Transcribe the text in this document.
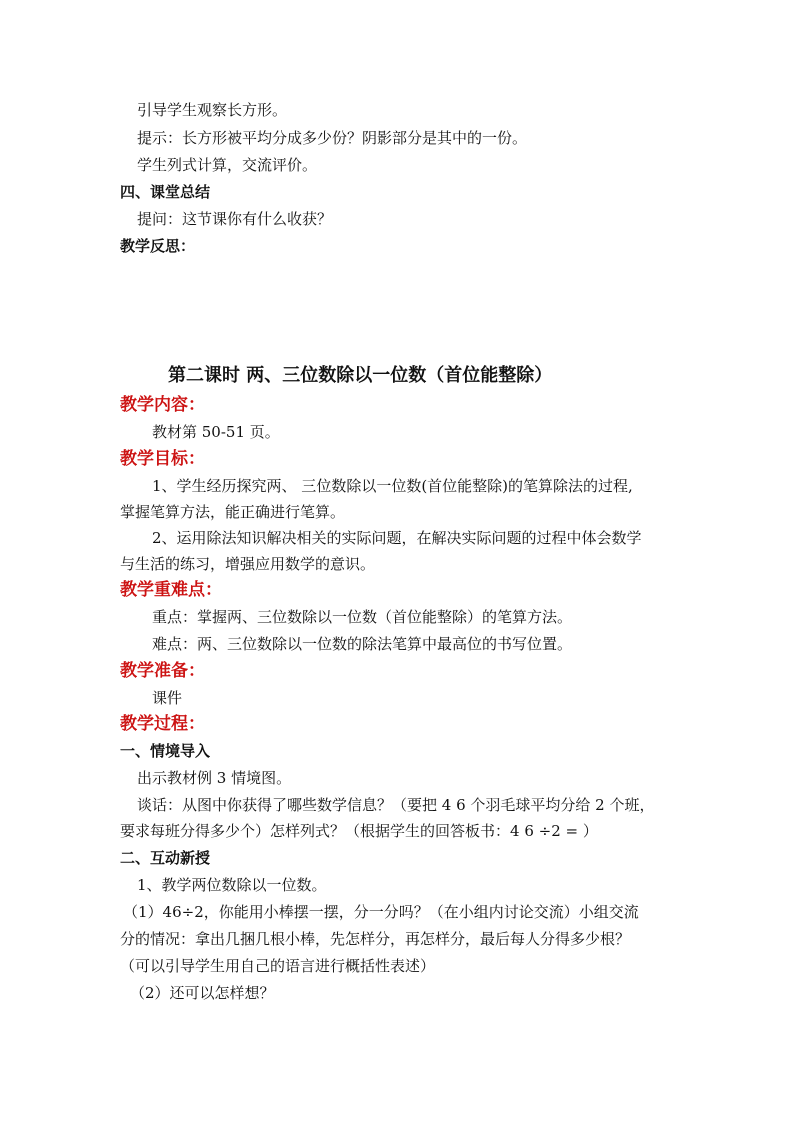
引导学生观察长方形。
提示：长方形被平均分成多少份？阴影部分是其中的一份。
学生列式计算，交流评价。
四、课堂总结
提问：这节课你有什么收获？
教学反思：
第二课时 两、三位数除以一位数（首位能整除）
教学内容：
教材第 50-51 页。
教学目标：
1、学生经历探究两、 三位数除以一位数(首位能整除)的笔算除法的过程,
掌握笔算方法，能正确进行笔算。
2、运用除法知识解决相关的实际问题，在解决实际问题的过程中体会数学
与生活的练习，增强应用数学的意识。
教学重难点：
重点：掌握两、三位数除以一位数（首位能整除）的笔算方法。
难点：两、三位数除以一位数的除法笔算中最高位的书写位置。
教学准备：
课件
教学过程：
一、情境导入
出示教材例 3 情境图。
谈话：从图中你获得了哪些数学信息？（要把 4 6 个羽毛球平均分给 2 个班，
要求每班分得多少个）怎样列式？（根据学生的回答板书：4 6 ÷2 = ）
二、互动新授
1、教学两位数除以一位数。
（1）46÷2，你能用小棒摆一摆，分一分吗？（在小组内讨论交流）小组交流
分的情况：拿出几捆几根小棒，先怎样分，再怎样分，最后每人分得多少根？
（可以引导学生用自己的语言进行概括性表述）
（2）还可以怎样想？
